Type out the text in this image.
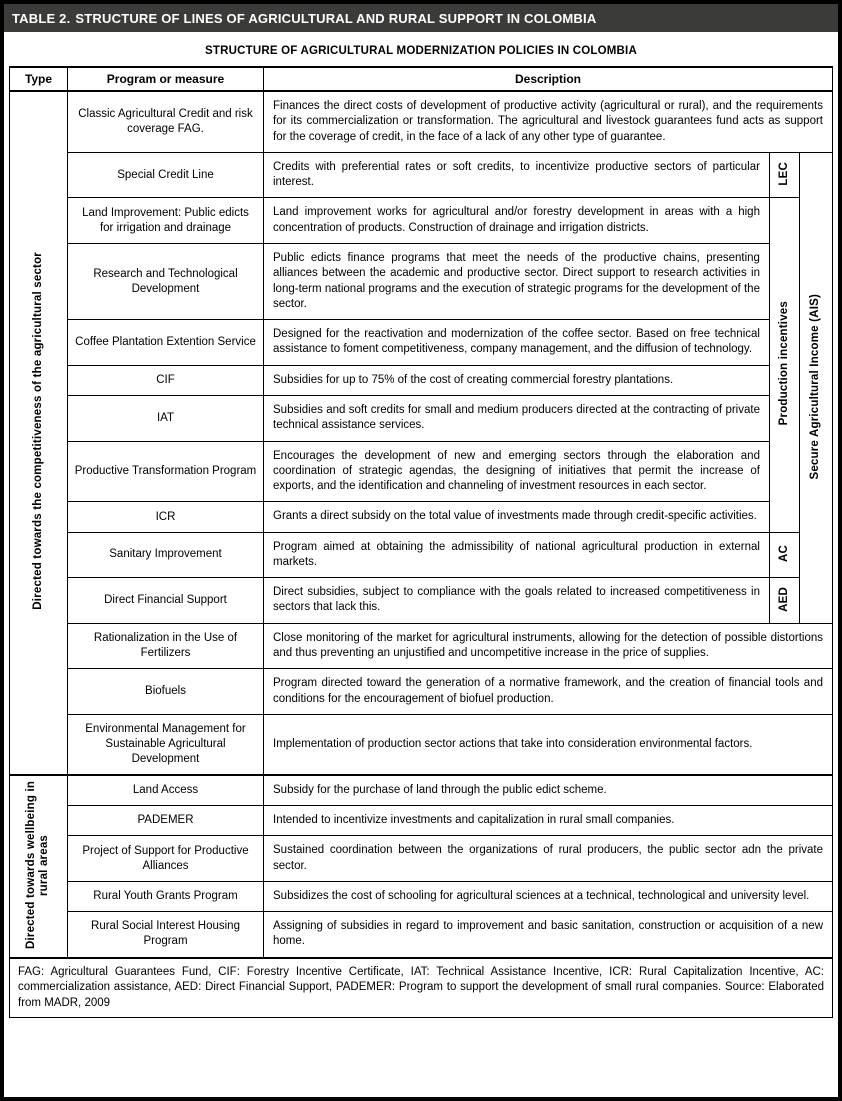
TABLE 2. STRUCTURE OF LINES OF AGRICULTURAL AND RURAL SUPPORT IN COLOMBIA
STRUCTURE OF AGRICULTURAL MODERNIZATION POLICIES IN COLOMBIA
Type	Program or measure	Description		
Directed towards the competitiveness of the agricultural sector	Classic Agricultural Credit and risk coverage FAG.	Finances the direct costs of development of productive activity (agricultural or rural), and the requirements for its commercialization or transformation. The agricultural and livestock guarantees fund acts as support for the coverage of credit, in the face of a lack of any other type of guarantee.		
	Special Credit Line	Credits with preferential rates or soft credits, to incentivize productive sectors of particular interest.	LEC	Secure Agricultural Income (AIS)
	Land Improvement: Public edicts for irrigation and drainage	Land improvement works for agricultural and/or forestry development in areas with a high concentration of products. Construction of drainage and irrigation districts.	Production incentives	
	Research and Technological Development	Public edicts finance programs that meet the needs of the productive chains, presenting alliances between the academic and productive sector. Direct support to research activities in long-term national programs and the execution of strategic programs for the development of the sector.		
	Coffee Plantation Extention Service	Designed for the reactivation and modernization of the coffee sector. Based on free technical assistance to foment competitiveness, company management, and the diffusion of technology.		
	CIF	Subsidies for up to 75% of the cost of creating commercial forestry plantations.		
	IAT	Subsidies and soft credits for small and medium producers directed at the contracting of private technical assistance services.		
	Productive Transformation Program	Encourages the development of new and emerging sectors through the elaboration and coordination of strategic agendas, the designing of initiatives that permit the increase of exports, and the identification and channeling of investment resources in each sector.		
	ICR	Grants a direct subsidy on the total value of investments made through credit-specific activities.		
	Sanitary Improvement	Program aimed at obtaining the admissibility of national agricultural production in external markets.	AC	
	Direct Financial Support	Direct subsidies, subject to compliance with the goals related to increased competitiveness in sectors that lack this.	AED	
	Rationalization in the Use of Fertilizers	Close monitoring of the market for agricultural instruments, allowing for the detection of possible distortions and thus preventing an unjustified and uncompetitive increase in the price of supplies.		
	Biofuels	Program directed toward the generation of a normative framework, and the creation of financial tools and conditions for the encouragement of biofuel production.		
	Environmental Management for Sustainable Agricultural Development	Implementation of production sector actions that take into consideration environmental factors.		
Directed towards wellbeing in rural areas	Land Access	Subsidy for the purchase of land through the public edict scheme.		
	PADEMER	Intended to incentivize investments and capitalization in rural small companies.		
	Project of Support for Productive Alliances	Sustained coordination between the organizations of rural producers, the public sector adn the private sector.		
	Rural Youth Grants Program	Subsidizes the cost of schooling for agricultural sciences at a technical, technological and university level.		
	Rural Social Interest Housing Program	Assigning of subsidies in regard to improvement and basic sanitation, construction or acquisition of a new home.		
FAG: Agricultural Guarantees Fund, CIF: Forestry Incentive Certificate, IAT: Technical Assistance Incentive, ICR: Rural Capitalization Incentive, AC: commercialization assistance, AED: Direct Financial Support, PADEMER: Program to support the development of small rural companies. Source: Elaborated from MADR, 2009				
